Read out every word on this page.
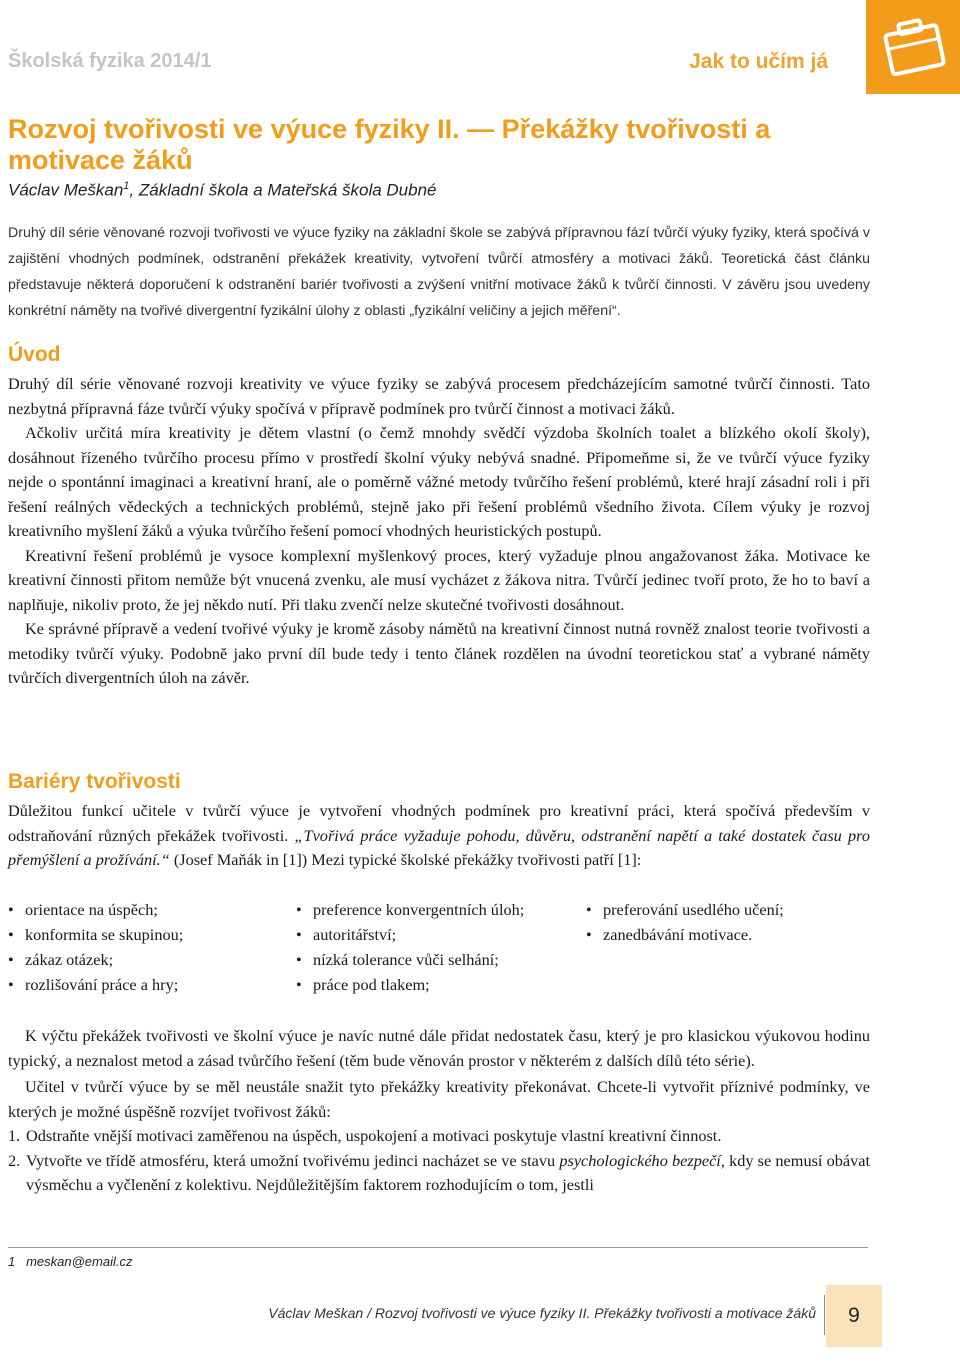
Školská fyzika 2014/1	Jak to učím já
Rozvoj tvořivosti ve výuce fyziky II. — Překážky tvořivosti a motivace žáků
Václav Meškan$^1$, Základní škola a Mateřská škola Dubné

Druhý díl série věnované rozvoji tvořivosti ve výuce fyziky na základní škole se zabývá přípravnou fází tvůrčí výuky fyziky, která spočívá v zajištění vhodných podmínek, odstranění překážek kreativity, vytvoření tvůrčí atmosféry a motivaci žáků. Teoretická část článku představuje některá doporučení k odstranění bariér tvořivosti a zvýšení vnitřní motivace žáků k tvůrčí činnosti. V závěru jsou uvedeny konkrétní náměty na tvořivé divergentní fyzikální úlohy z oblasti „fyzikální veličiny a jejich měření“.

Úvod

Druhý díl série věnované rozvoji kreativity ve výuce fyziky se zabývá procesem předcházejícím samotné tvůrčí činnosti. Tato nezbytná přípravná fáze tvůrčí výuky spočívá v přípravě podmínek pro tvůrčí činnost a motivaci žáků.

Ačkoliv určitá míra kreativity je dětem vlastní (o čemž mnohdy svědčí výzdoba školních toalet a blízkého okolí školy), dosáhnout řízeného tvůrčího procesu přímo v prostředí školní výuky nebývá snadné. Připomeňme si, že ve tvůrčí výuce fyziky nejde o spontánní imaginaci a kreativní hraní, ale o poměrně vážné metody tvůrčího řešení problémů, které hrají zásadní roli i při řešení reálných vědeckých a technických problémů, stejně jako při řešení problémů všedního života. Cílem výuky je rozvoj kreativního myšlení žáků a výuka tvůrčího řešení pomocí vhodných heuristických postupů.

Kreativní řešení problémů je vysoce komplexní myšlenkový proces, který vyžaduje plnou angažovanost žáka. Motivace ke kreativní činnosti přitom nemůže být vnucená zvenku, ale musí vycházet z žákova nitra. Tvůrčí jedinec tvoří proto, že ho to baví a naplňuje, nikoliv proto, že jej někdo nutí. Při tlaku zvenčí nelze skutečné tvořivosti dosáhnout.

Ke správné přípravě a vedení tvořivé výuky je kromě zásoby námětů na kreativní činnost nutná rovněž znalost teorie tvořivosti a metodiky tvůrčí výuky. Podobně jako první díl bude tedy i tento článek rozdělen na úvodní teoretickou stať a vybrané náměty tvůrčích divergentních úloh na závěr.

Bariéry tvořivosti

Důležitou funkcí učitele v tvůrčí výuce je vytvoření vhodných podmínek pro kreativní práci, která spočívá především v odstraňování různých překážek tvořivosti. „Tvořivá práce vyžaduje pohodu, důvěru, odstranění napětí a také dostatek času pro přemýšlení a prožívání.“ (Josef Maňák in [1]) Mezi typické školské překážky tvořivosti patří [1]:

• orientace na úspěch;
• konformita se skupinou;
• zákaz otázek;
• rozlišování práce a hry;
• preference konvergentních úloh;
• autoritářství;
• nízká tolerance vůči selhání;
• práce pod tlakem;
• preferování usedlého učení;
• zanedbávání motivace.

K výčtu překážek tvořivosti ve školní výuce je navíc nutné dále přidat nedostatek času, který je pro klasickou výukovou hodinu typický, a neznalost metod a zásad tvůrčího řešení (těm bude věnován prostor v některém z dalších dílů této série).

Učitel v tvůrčí výuce by se měl neustále snažit tyto překážky kreativity překonávat. Chcete-li vytvořit příznivé podmínky, ve kterých je možné úspěšně rozvíjet tvořivost žáků:

1. Odstraňte vnější motivaci zaměřenou na úspěch, uspokojení a motivaci poskytuje vlastní kreativní činnost.
2. Vytvořte ve třídě atmosféru, která umožní tvořivému jedinci nacházet se ve stavu psychologického bezpečí, kdy se nemusí obávat výsměchu a vyčlenění z kolektivu. Nejdůležitějším faktorem rozhodujícím o tom, jestli
1 meskan@email.cz
Václav Meškan / Rozvoj tvořivosti ve výuce fyziky II. Překážky tvořivosti a motivace žáků	9
